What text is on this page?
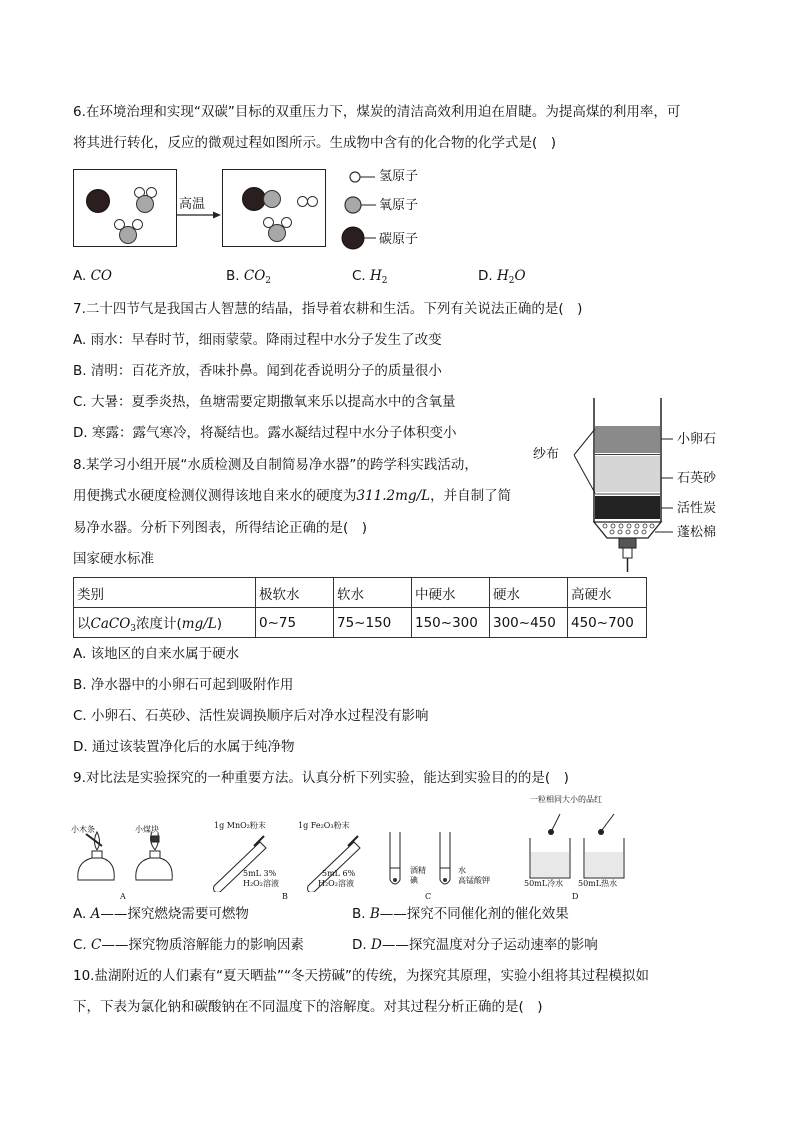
6.在环境治理和实现“双碳”目标的双重压力下，煤炭的清洁高效利用迫在眉睫。为提高煤的利用率，可
将其进行转化，反应的微观过程如图所示。生成物中含有的化合物的化学式是(　)
高温
氢原子
氧原子
碳原子
A. CO	B. $CO_2$	C. $H_2$	D. $H_2O$
7.二十四节气是我国古人智慧的结晶，指导着农耕和生活。下列有关说法正确的是(　)
A. 雨水：早春时节，细雨蒙蒙。降雨过程中水分子发生了改变
B. 清明：百花齐放，香味扑鼻。闻到花香说明分子的质量很小
C. 大暑：夏季炎热，鱼塘需要定期撒氧来乐以提高水中的含氧量
D. 寒露：露气寒冷，将凝结也。露水凝结过程中水分子体积变小
8.某学习小组开展“水质检测及自制简易净水器”的跨学科实践活动，
用便携式水硬度检测仪测得该地自来水的硬度为311.2mg/L，并自制了简
易净水器。分析下列图表，所得结论正确的是(　)
纱布
小卵石
石英砂
活性炭
蓬松棉
国家硬水标准
类别	极软水	软水	中硬水	硬水	高硬水
以CaCO$_3$浓度计(mg/L)	0~75	75~150	150~300	300~450	450~700
A. 该地区的自来水属于硬水
B. 净水器中的小卵石可起到吸附作用
C. 小卵石、石英砂、活性炭调换顺序后对净水过程没有影响
D. 通过该装置净化后的水属于纯净物
9.对比法是实验探究的一种重要方法。认真分析下列实验，能达到实验目的的是(　)
小木条	小煤块
A
1g MnO₂粉末	1g Fe₂O₃粉末
5mL 3%
H₂O₂溶液
5mL 6%
H₂O₂溶液
B
酒精
碘
水
高锰酸钾
C
一粒相同大小的品红
50mL冷水 50mL热水
D
A. A——探究燃烧需要可燃物	B. B——探究不同催化剂的催化效果
C. C——探究物质溶解能力的影响因素	D. D——探究温度对分子运动速率的影响
10.盐湖附近的人们素有“夏天晒盐”“冬天捞碱”的传统，为探究其原理，实验小组将其过程模拟如
下，下表为氯化钠和碳酸钠在不同温度下的溶解度。对其过程分析正确的是(　)
